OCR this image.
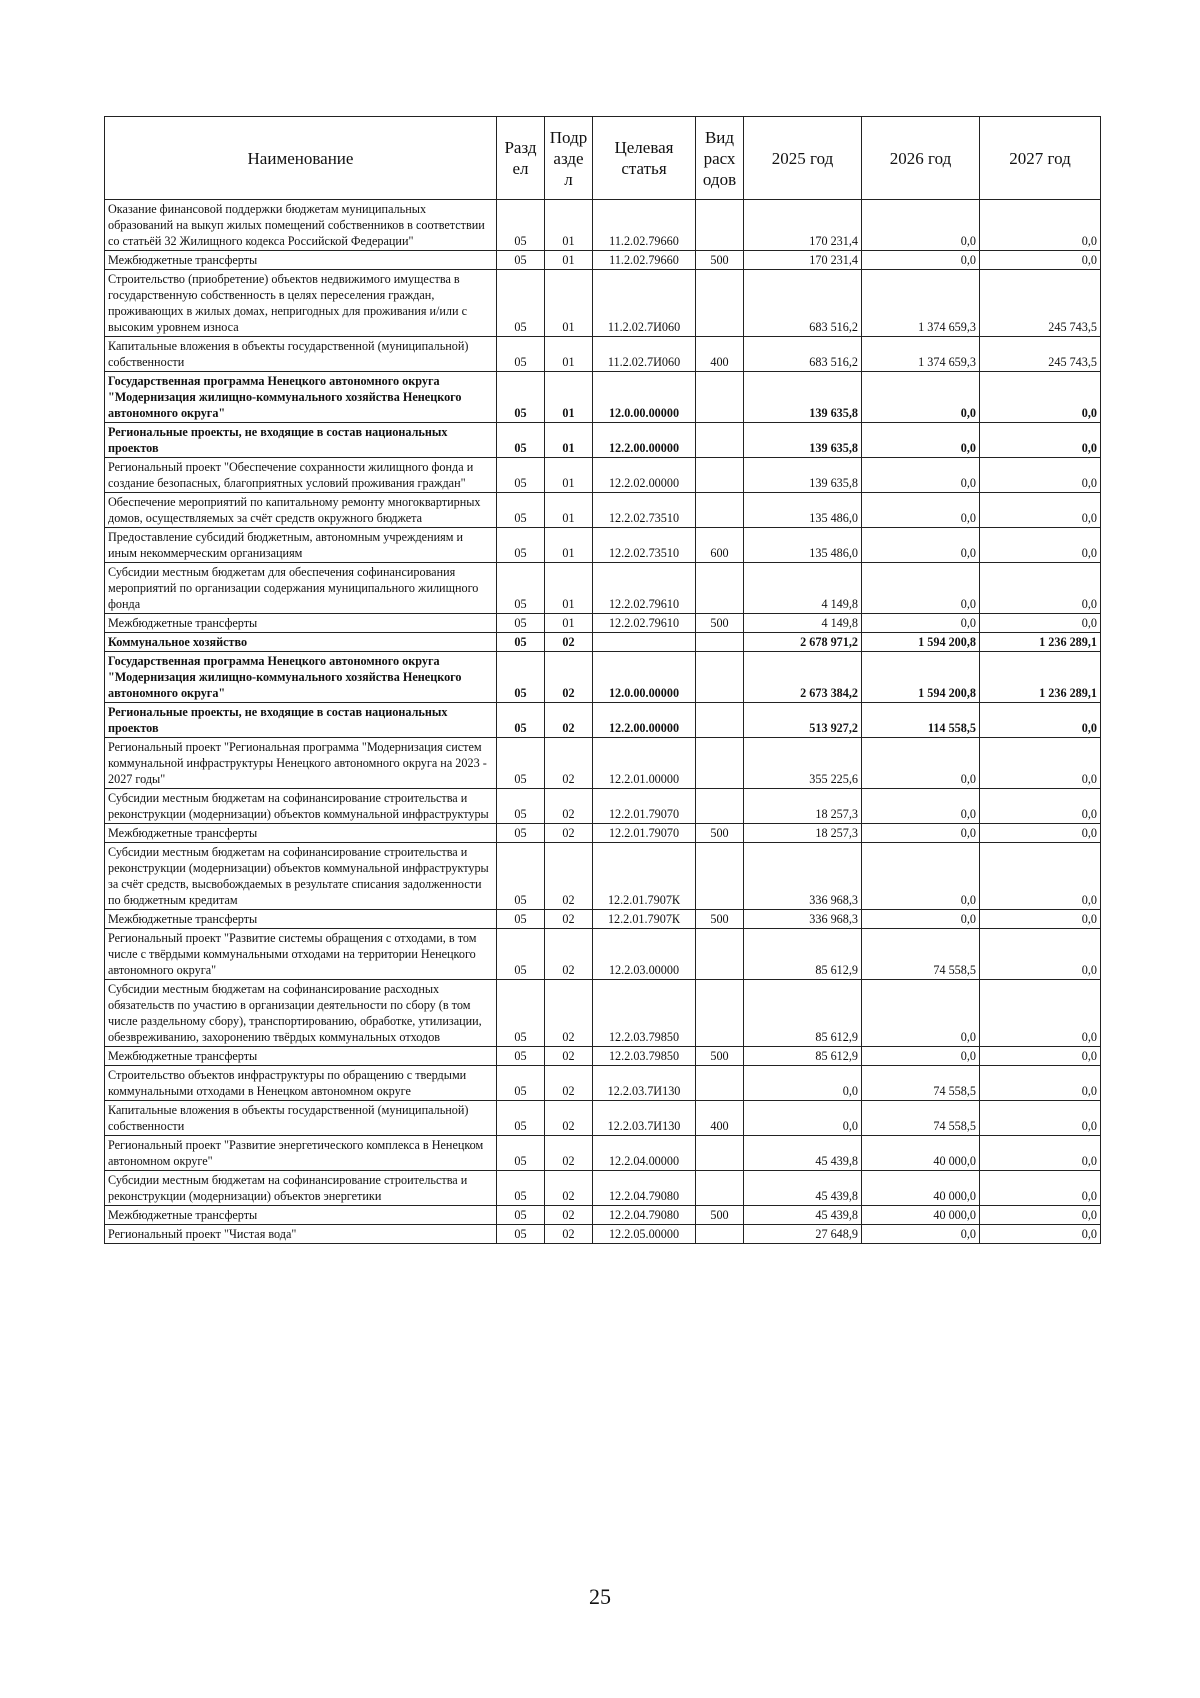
Наименование	Разд ел	Подр азде л	Целевая статья	Вид расх одов	2025 год	2026 год	2027 год
Оказание финансовой поддержки бюджетам муниципальных образований на выкуп жилых помещений собственников в соответствии со статьёй 32 Жилищного кодекса Российской Федерации"	05	01	11.2.02.79660		170 231,4	0,0	0,0
Межбюджетные трансферты	05	01	11.2.02.79660	500	170 231,4	0,0	0,0
Строительство (приобретение) объектов недвижимого имущества в государственную собственность в целях переселения граждан, проживающих в жилых домах, непригодных для проживания и/или с высоким уровнем износа	05	01	11.2.02.7И060		683 516,2	1 374 659,3	245 743,5
Капитальные вложения в объекты государственной (муниципальной) собственности	05	01	11.2.02.7И060	400	683 516,2	1 374 659,3	245 743,5
Государственная программа Ненецкого автономного округа "Модернизация жилищно-коммунального хозяйства Ненецкого автономного округа"	05	01	12.0.00.00000		139 635,8	0,0	0,0
Региональные проекты, не входящие в состав национальных проектов	05	01	12.2.00.00000		139 635,8	0,0	0,0
Региональный проект "Обеспечение сохранности жилищного фонда и создание безопасных, благоприятных условий проживания граждан"	05	01	12.2.02.00000		139 635,8	0,0	0,0
Обеспечение мероприятий по капитальному ремонту многоквартирных домов, осуществляемых за счёт средств окружного бюджета	05	01	12.2.02.73510		135 486,0	0,0	0,0
Предоставление субсидий бюджетным, автономным учреждениям и иным некоммерческим организациям	05	01	12.2.02.73510	600	135 486,0	0,0	0,0
Субсидии местным бюджетам для обеспечения софинансирования мероприятий по организации содержания муниципального жилищного фонда	05	01	12.2.02.79610		4 149,8	0,0	0,0
Межбюджетные трансферты	05	01	12.2.02.79610	500	4 149,8	0,0	0,0
Коммунальное хозяйство	05	02			2 678 971,2	1 594 200,8	1 236 289,1
Государственная программа Ненецкого автономного округа "Модернизация жилищно-коммунального хозяйства Ненецкого автономного округа"	05	02	12.0.00.00000		2 673 384,2	1 594 200,8	1 236 289,1
Региональные проекты, не входящие в состав национальных проектов	05	02	12.2.00.00000		513 927,2	114 558,5	0,0
Региональный проект "Региональная программа "Модернизация систем коммунальной инфраструктуры Ненецкого автономного округа на 2023 - 2027 годы"	05	02	12.2.01.00000		355 225,6	0,0	0,0
Субсидии местным бюджетам на софинансирование строительства и реконструкции (модернизации) объектов коммунальной инфраструктуры	05	02	12.2.01.79070		18 257,3	0,0	0,0
Межбюджетные трансферты	05	02	12.2.01.79070	500	18 257,3	0,0	0,0
Субсидии местным бюджетам на софинансирование строительства и реконструкции (модернизации) объектов коммунальной инфраструктуры за счёт средств, высвобождаемых в результате списания задолженности по бюджетным кредитам	05	02	12.2.01.7907К		336 968,3	0,0	0,0
Межбюджетные трансферты	05	02	12.2.01.7907К	500	336 968,3	0,0	0,0
Региональный проект "Развитие системы обращения с отходами, в том числе с твёрдыми коммунальными отходами на территории Ненецкого автономного округа"	05	02	12.2.03.00000		85 612,9	74 558,5	0,0
Субсидии местным бюджетам на софинансирование расходных обязательств по участию в организации деятельности по сбору (в том числе раздельному сбору), транспортированию, обработке, утилизации, обезвреживанию, захоронению твёрдых коммунальных отходов	05	02	12.2.03.79850		85 612,9	0,0	0,0
Межбюджетные трансферты	05	02	12.2.03.79850	500	85 612,9	0,0	0,0
Строительство объектов инфраструктуры по обращению с твердыми коммунальными отходами в Ненецком автономном округе	05	02	12.2.03.7И130		0,0	74 558,5	0,0
Капитальные вложения в объекты государственной (муниципальной) собственности	05	02	12.2.03.7И130	400	0,0	74 558,5	0,0
Региональный проект "Развитие энергетического комплекса в Ненецком автономном округе"	05	02	12.2.04.00000		45 439,8	40 000,0	0,0
Субсидии местным бюджетам на софинансирование строительства и реконструкции (модернизации) объектов энергетики	05	02	12.2.04.79080		45 439,8	40 000,0	0,0
Межбюджетные трансферты	05	02	12.2.04.79080	500	45 439,8	40 000,0	0,0
Региональный проект "Чистая вода"	05	02	12.2.05.00000		27 648,9	0,0	0,0
25
